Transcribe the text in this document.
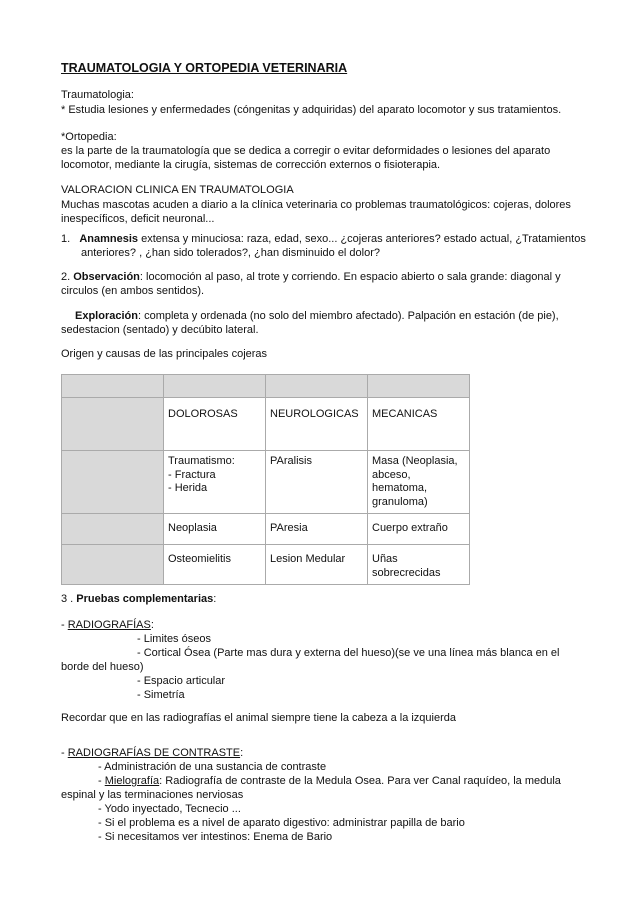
TRAUMATOLOGIA Y ORTOPEDIA VETERINARIA
Traumatologia:
* Estudia lesiones y enfermedades (cóngenitas y adquiridas) del aparato locomotor y sus tratamientos.
*Ortopedia:
es la parte de la traumatología que se dedica a corregir o evitar deformidades o lesiones del aparato
locomotor, mediante la cirugía, sistemas de corrección externos o fisioterapia.
VALORACION CLINICA EN TRAUMATOLOGIA
Muchas mascotas acuden a diario a la clínica veterinaria co problemas traumatológicos: cojeras, dolores
inespecíficos, deficit neuronal...
1. Anamnesis extensa y minuciosa: raza, edad, sexo... ¿cojeras anteriores? estado actual, ¿Tratamientos
anteriores? , ¿han sido tolerados?, ¿han disminuido el dolor?
2. Observación: locomoción al paso, al trote y corriendo. En espacio abierto o sala grande: diagonal y
circulos (en ambos sentidos).
Exploración: completa y ordenada (no solo del miembro afectado). Palpación en estación (de pie),
sedestacion (sentado) y decúbito lateral.
Origen y causas de las principales cojeras

	DOLOROSAS	NEUROLOGICAS	MECANICAS
	Traumatismo:
- Fractura
- Herida	PAralisis	Masa (Neoplasia,
abceso,
hematoma,
granuloma)
	Neoplasia	PAresia	Cuerpo extraño
	Osteomielitis	Lesion Medular	Uñas
sobrecrecidas
3 . Pruebas complementarias:
- RADIOGRAFÍAS:
- Limites óseos
- Cortical Ósea (Parte mas dura y externa del hueso)(se ve una línea más blanca en el
borde del hueso)
- Espacio articular
- Simetría
Recordar que en las radiografías el animal siempre tiene la cabeza a la izquierda
- RADIOGRAFÍAS DE CONTRASTE:
- Administración de una sustancia de contraste
- Mielografía: Radiografía de contraste de la Medula Osea. Para ver Canal raquídeo, la medula
espinal y las terminaciones nerviosas
- Yodo inyectado, Tecnecio ...
- Si el problema es a nivel de aparato digestivo: administrar papilla de bario
- Si necesitamos ver intestinos: Enema de Bario
